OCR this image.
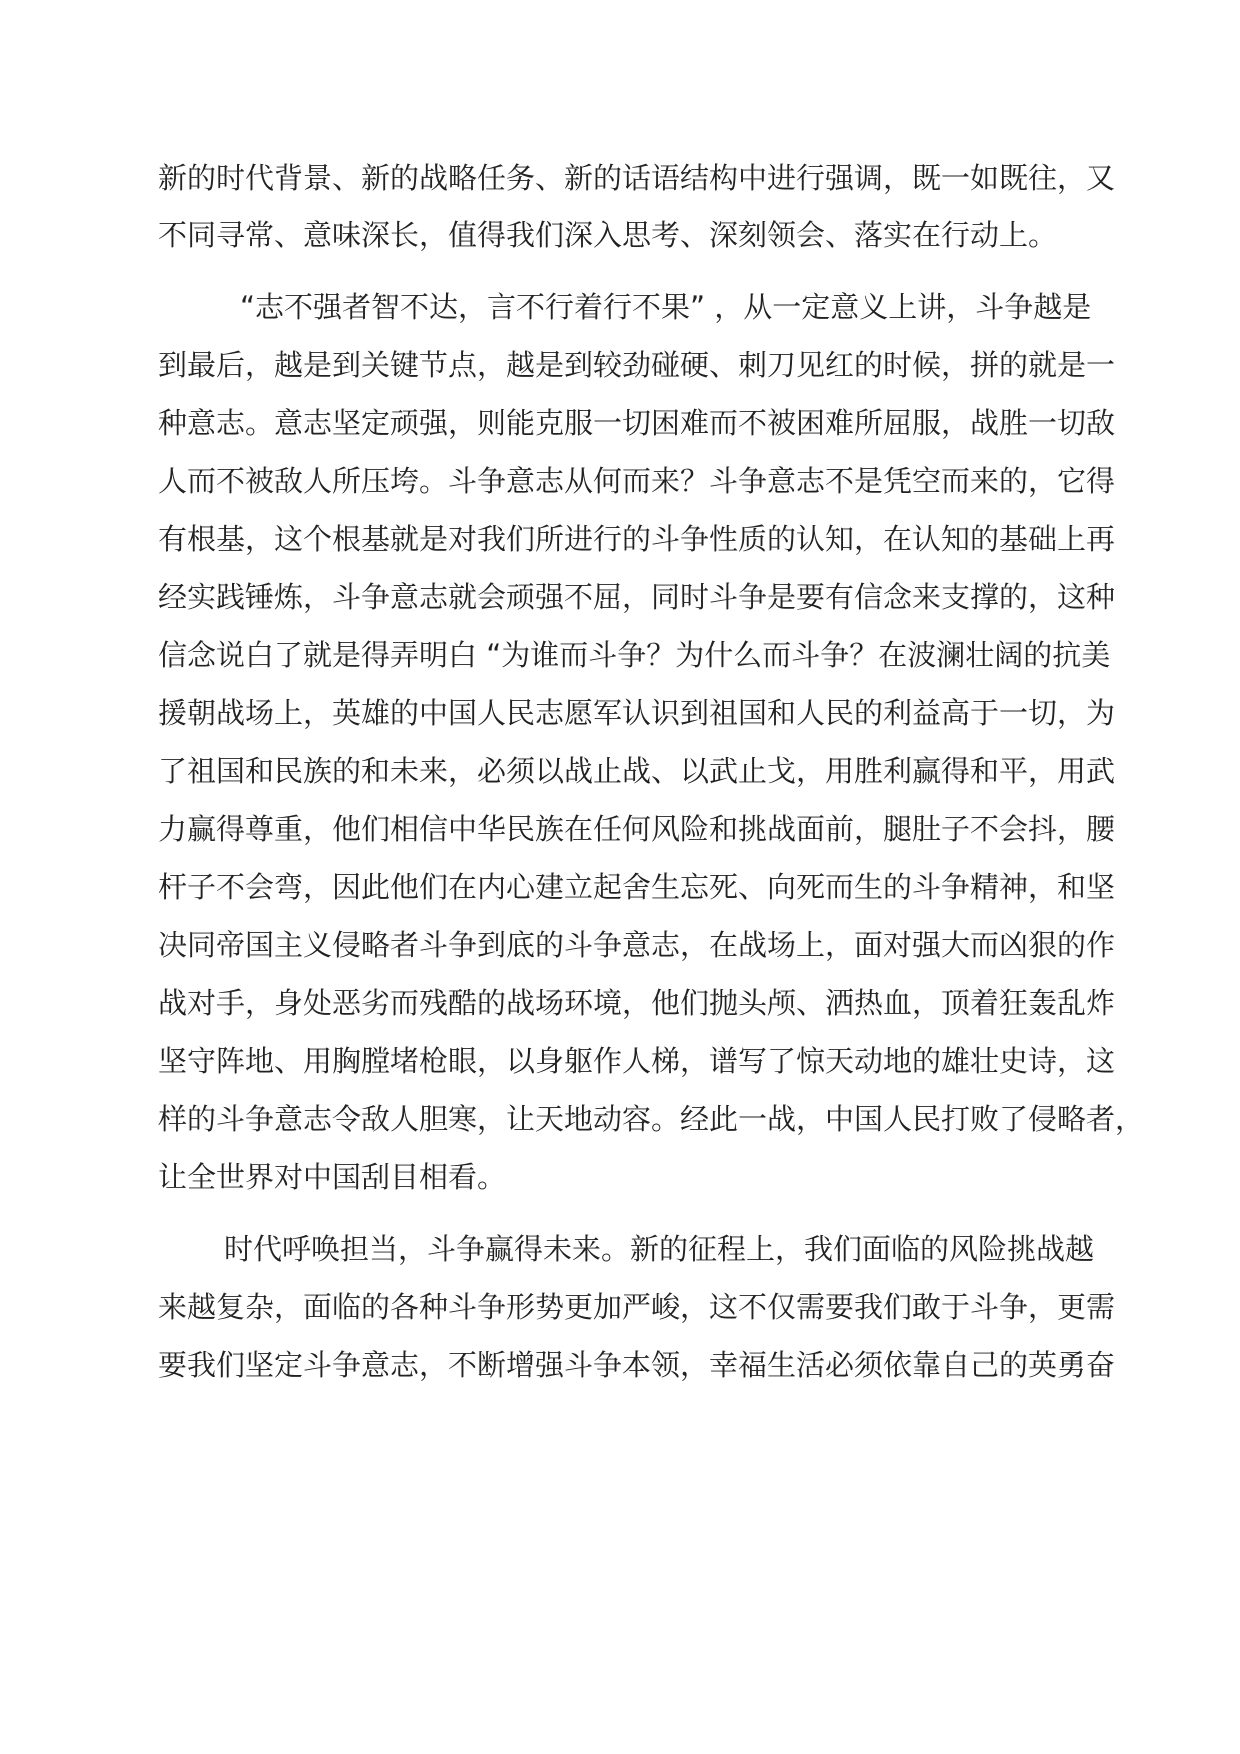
新的时代背景、新的战略任务、新的话语结构中进行强调，既一如既往，又
不同寻常、意味深长，值得我们深入思考、深刻领会、落实在行动上。
“志不强者智不达，言不行着行不果” ，从一定意义上讲，斗争越是
到最后，越是到关键节点，越是到较劲碰硬、刺刀见红的时候，拼的就是一
种意志。意志坚定顽强，则能克服一切困难而不被困难所屈服，战胜一切敌
人而不被敌人所压垮。斗争意志从何而来？斗争意志不是凭空而来的，它得
有根基，这个根基就是对我们所进行的斗争性质的认知，在认知的基础上再
经实践锤炼，斗争意志就会顽强不屈，同时斗争是要有信念来支撑的，这种
信念说白了就是得弄明白 “为谁而斗争？为什么而斗争？在波澜壮阔的抗美
援朝战场上，英雄的中国人民志愿军认识到祖国和人民的利益高于一切，为
了祖国和民族的和未来，必须以战止战、以武止戈，用胜利赢得和平，用武
力赢得尊重，他们相信中华民族在任何风险和挑战面前，腿肚子不会抖，腰
杆子不会弯，因此他们在内心建立起舍生忘死、向死而生的斗争精神，和坚
决同帝国主义侵略者斗争到底的斗争意志，在战场上，面对强大而凶狠的作
战对手，身处恶劣而残酷的战场环境，他们抛头颅、洒热血，顶着狂轰乱炸
坚守阵地、用胸膛堵枪眼，以身躯作人梯，谱写了惊天动地的雄壮史诗，这
样的斗争意志令敌人胆寒，让天地动容。经此一战，中国人民打败了侵略者，
让全世界对中国刮目相看。
时代呼唤担当，斗争赢得未来。新的征程上，我们面临的风险挑战越
来越复杂，面临的各种斗争形势更加严峻，这不仅需要我们敢于斗争，更需
要我们坚定斗争意志，不断增强斗争本领，幸福生活必须依靠自己的英勇奋
